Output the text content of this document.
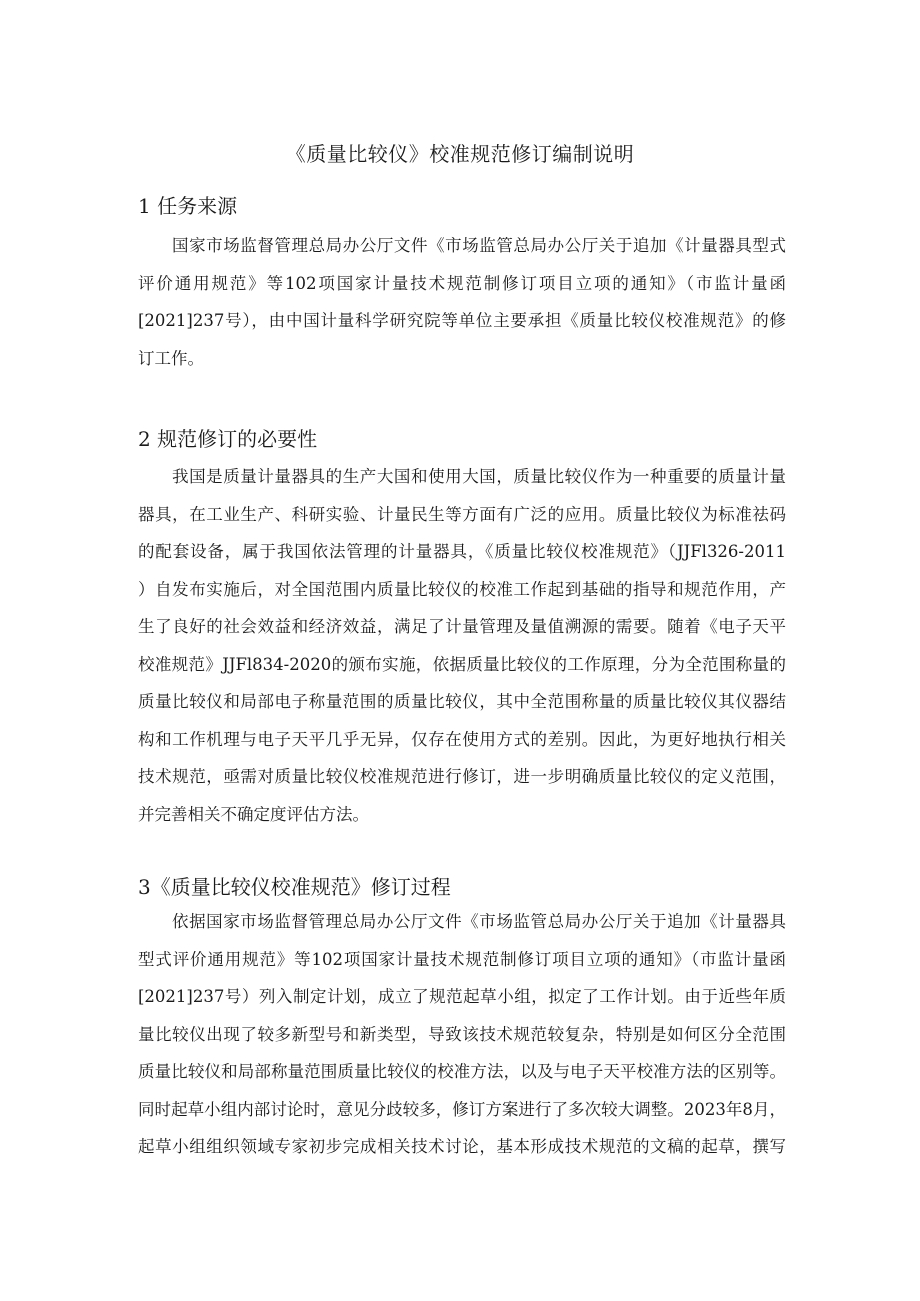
《质量比较仪》校准规范修订编制说明
1 任务来源
国家市场监督管理总局办公厅文件《市场监管总局办公厅关于追加《计量器具型式
评价通用规范》等102项国家计量技术规范制修订项目立项的通知》（市监计量函
[2021]237号），由中国计量科学研究院等单位主要承担《质量比较仪校准规范》的修
订工作。
2 规范修订的必要性
我国是质量计量器具的生产大国和使用大国，质量比较仪作为一种重要的质量计量
器具，在工业生产、科研实验、计量民生等方面有广泛的应用。质量比较仪为标准祛码
的配套设备，属于我国依法管理的计量器具，《质量比较仪校准规范》（JJFl326-2011
）自发布实施后，对全国范围内质量比较仪的校准工作起到基础的指导和规范作用，产
生了良好的社会效益和经济效益，满足了计量管理及量值溯源的需要。随着《电子天平
校准规范》JJFl834-2020的颁布实施，依据质量比较仪的工作原理，分为全范围称量的
质量比较仪和局部电子称量范围的质量比较仪，其中全范围称量的质量比较仪其仪器结
构和工作机理与电子天平几乎无异，仅存在使用方式的差别。因此，为更好地执行相关
技术规范，亟需对质量比较仪校准规范进行修订，进一步明确质量比较仪的定义范围，
并完善相关不确定度评估方法。
3《质量比较仪校准规范》修订过程
依据国家市场监督管理总局办公厅文件《市场监管总局办公厅关于追加《计量器具
型式评价通用规范》等102项国家计量技术规范制修订项目立项的通知》（市监计量函
[2021]237号）列入制定计划，成立了规范起草小组，拟定了工作计划。由于近些年质
量比较仪出现了较多新型号和新类型，导致该技术规范较复杂，特别是如何区分全范围
质量比较仪和局部称量范围质量比较仪的校准方法，以及与电子天平校准方法的区别等。
同时起草小组内部讨论时，意见分歧较多，修订方案进行了多次较大调整。2023年8月，
起草小组组织领域专家初步完成相关技术讨论，基本形成技术规范的文稿的起草，撰写
